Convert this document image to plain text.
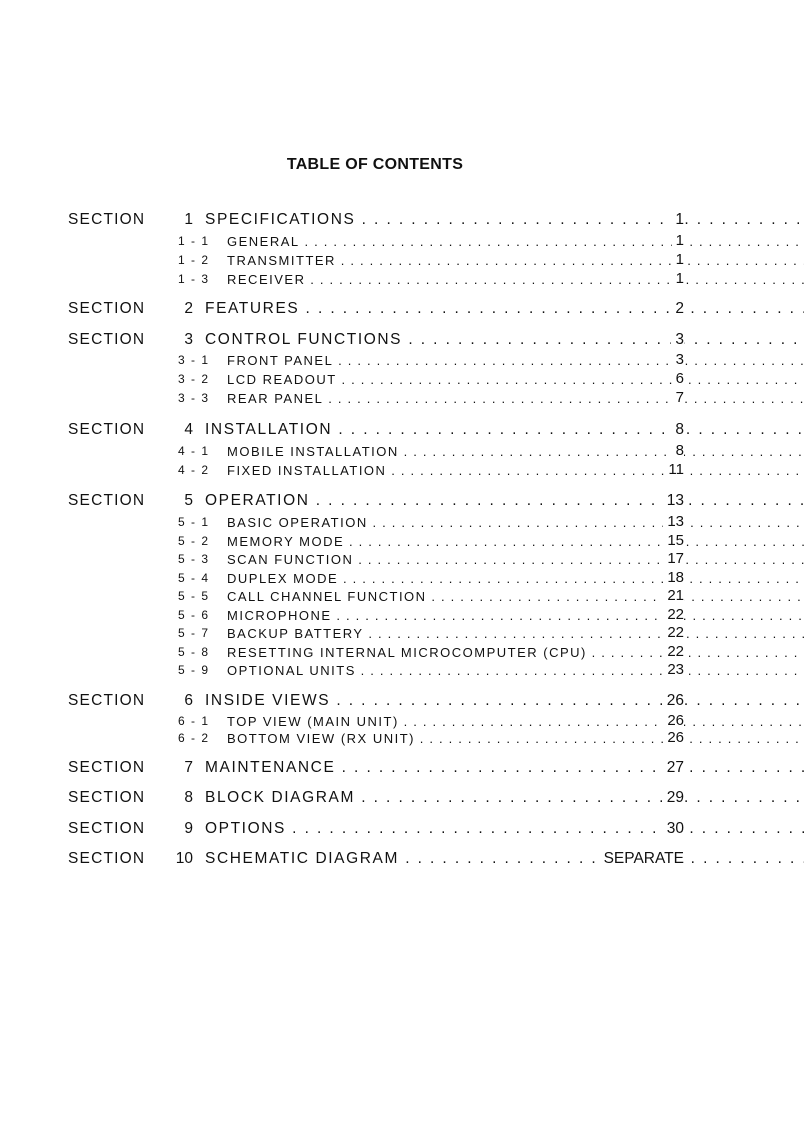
TABLE OF CONTENTS
SECTION	1 SPECIFICATIONS . . .	1
1 - 1 GENERAL . . .	1
1 - 2 TRANSMITTER . . .	1
1 - 3 RECEIVER . . .	1
SECTION	2 FEATURES . . .	2
SECTION	3 CONTROL FUNCTIONS . . .	3
3 - 1 FRONT PANEL . . .	3
3 - 2 LCD READOUT . . .	6
3 - 3 REAR PANEL . . .	7
SECTION	4 INSTALLATION . . .	8
4 - 1 MOBILE INSTALLATION . . .	8
4 - 2 FIXED INSTALLATION . . .	11
SECTION	5 OPERATION . . .	13
5 - 1 BASIC OPERATION . . .	13
5 - 2 MEMORY MODE . . .	15
5 - 3 SCAN FUNCTION . . .	17
5 - 4 DUPLEX MODE . . .	18
5 - 5 CALL CHANNEL FUNCTION . . .	21
5 - 6 MICROPHONE . . .	22
5 - 7 BACKUP BATTERY . . .	22
5 - 8 RESETTING INTERNAL MICROCOMPUTER (CPU) . . .	22
5 - 9 OPTIONAL UNITS . . .	23
SECTION	6 INSIDE VIEWS . . .	26
6 - 1 TOP VIEW (MAIN UNIT) . . .	26
6 - 2 BOTTOM VIEW (RX UNIT) . . .	26
SECTION	7 MAINTENANCE . . .	27
SECTION	8 BLOCK DIAGRAM . . .	29
SECTION	9 OPTIONS . . .	30
SECTION	10 SCHEMATIC DIAGRAM . . .	SEPARATE
